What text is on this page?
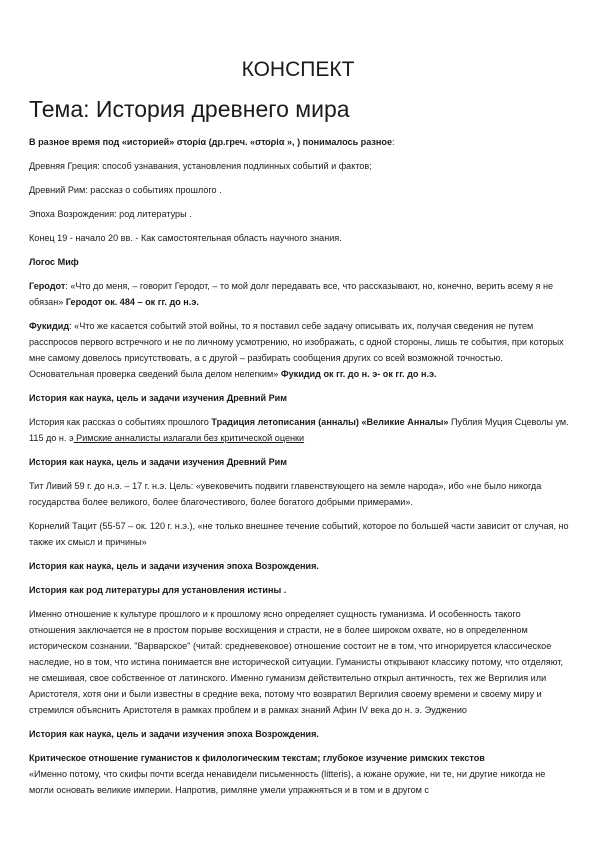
КОНСПЕКТ
Тема: История древнего мира

В разное время под «историей» στορία (др.греч. «στορία », ) понималось разное:

Древняя Греция: способ узнавания, установления подлинных событий и фактов;

Древний Рим: рассказ о событиях прошлого .

Эпоха Возрождения: род литературы .

Конец 19 - начало 20 вв. - Как самостоятельная область научного знания.

Логос Миф

Геродот: «Что до меня, – говорит Геродот, – то мой долг передавать все, что рассказывают, но, конечно, верить всему я не обязан» Геродот ок. 484 – ок гг. до н.э.

Фукидид: «Что же касается событий этой войны, то я поставил себе задачу описывать их, получая сведения не путем расспросов первого встречного и не по личному усмотрению, но изображать, с одной стороны, лишь те события, при которых мне самому довелось присутствовать, а с другой – разбирать сообщения других со всей возможной точностью. Основательная проверка сведений была делом нелегким» Фукидид ок гг. до н. э- ок гг. до н.э.

История как наука, цель и задачи изучения Древний Рим

История как рассказ о событиях прошлого Традиция летописания (анналы) «Великие Анналы» Публия Муция Сцеволы ум. 115 до н. э Римские анналисты излагали без критической оценки

История как наука, цель и задачи изучения Древний Рим

Тит Ливий 59 г. до н.э. – 17 г. н.э. Цель: «увековечить подвиги главенствующего на земле народа», ибо «не было никогда государства более великого, более благочестивого, более богатого добрыми примерами».

Корнелий Тацит (55-57 – ок. 120 г. н.э.), «не только внешнее течение событий, которое по большей части зависит от случая, но также их смысл и причины»

История как наука, цель и задачи изучения эпоха Возрождения.

История как род литературы для установления истины .

Именно отношение к культуре прошлого и к прошлому ясно определяет сущность гуманизма. И особенность такого отношения заключается не в простом порыве восхищения и страсти, не в более широком охвате, но в определенном историческом сознании. "Варварское" (читай: средневековое) отношение состоит не в том, что игнорируется классическое наследие, но в том, что истина понимается вне исторической ситуации. Гуманисты открывают классику потому, что отделяют, не смешивая, свое собственное от латинского. Именно гуманизм действительно открыл античность, тех же Вергилия или Аристотеля, хотя они и были известны в средние века, потому что возвратил Вергилия своему времени и своему миру и стремился объяснить Аристотеля в рамках проблем и в рамках знаний Афин IV века до н. э. Эудженио

История как наука, цель и задачи изучения эпоха Возрождения.

Критическое отношение гуманистов к филологическим текстам; глубокое изучение римских текстов

«Именно потому, что скифы почти всегда ненавидели письменность (litteris), а южане оружие, ни те, ни другие никогда не могли основать великие империи. Напротив, римляне умели упражняться и в том и в другом с
